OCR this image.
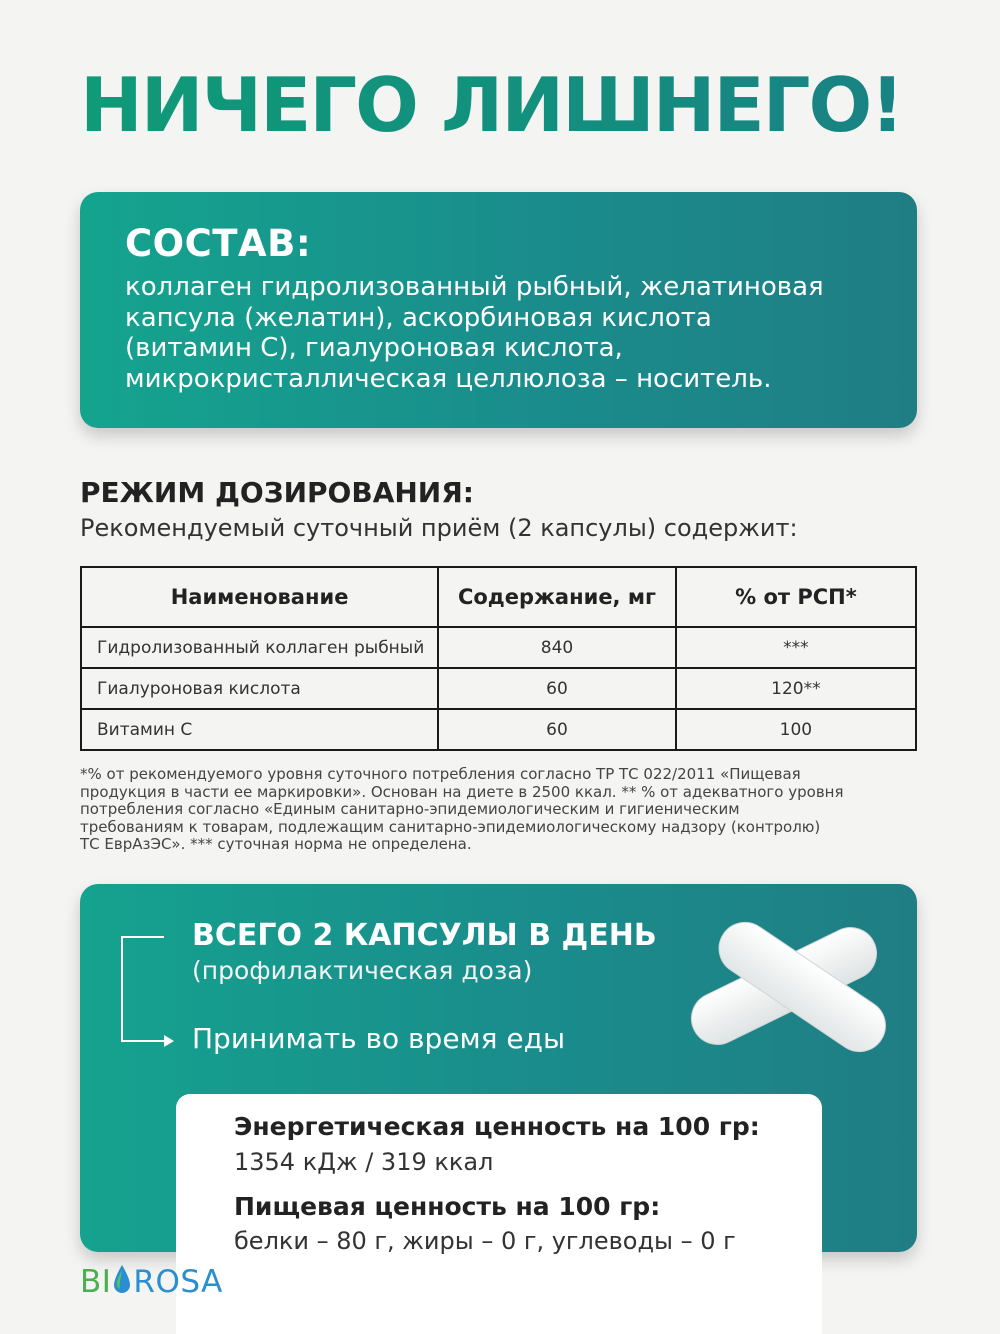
НИЧЕГО ЛИШНЕГО!
СОСТАВ:
коллаген гидролизованный рыбный, желатиновая
капсула (желатин), аскорбиновая кислота
(витамин С), гиалуроновая кислота,
микрокристаллическая целлюлоза – носитель.
РЕЖИМ ДОЗИРОВАНИЯ:
Рекомендуемый суточный приём (2 капсулы) содержит:
Наименование	Содержание, мг	% от РСП*
Гидролизованный коллаген рыбный	840	***
Гиалуроновая кислота	60	120**
Витамин С	60	100
*% от рекомендуемого уровня суточного потребления согласно ТР ТС 022/2011 «Пищевая
продукция в части ее маркировки». Основан на диете в 2500 ккал. ** % от адекватного уровня
потребления согласно «Единым санитарно-эпидемиологическим и гигиеническим
требованиям к товарам, подлежащим санитарно-эпидемиологическому надзору (контролю)
ТС ЕврАзЭС». *** суточная норма не определена.
ВСЕГО 2 КАПСУЛЫ В ДЕНЬ
(профилактическая доза)
Принимать во время еды
Энергетическая ценность на 100 гр:
1354 кДж / 319 ккал
Пищевая ценность на 100 гр:
белки – 80 г, жиры – 0 г, углеводы – 0 г
BI ROSA
